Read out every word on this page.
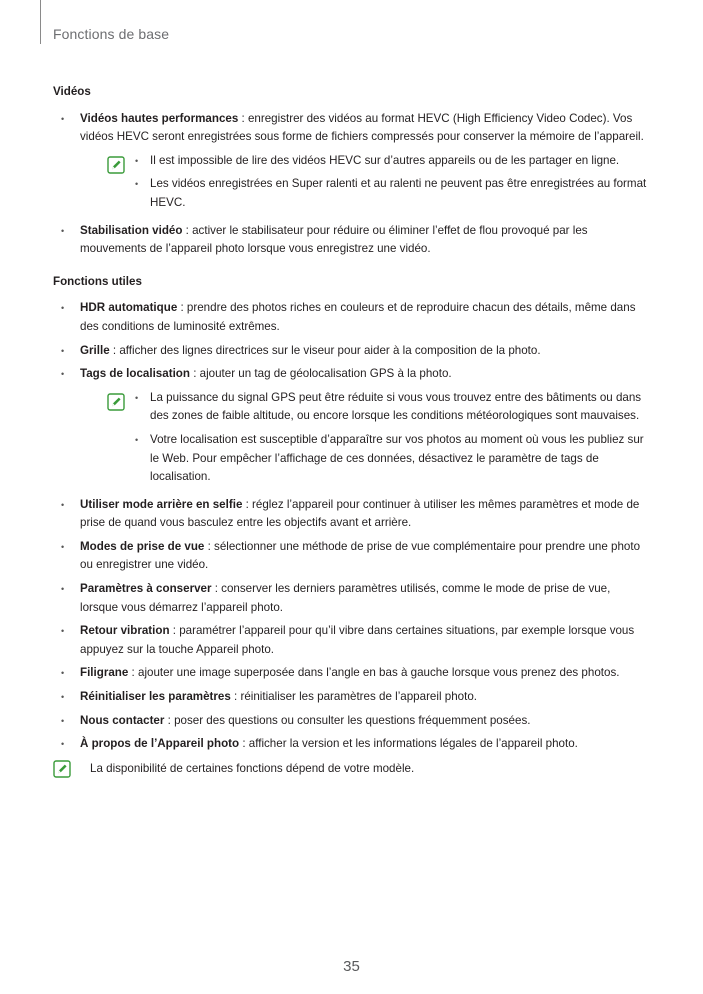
Fonctions de base
Vidéos
• Vidéos hautes performances : enregistrer des vidéos au format HEVC (High Efficiency Video Codec). Vos vidéos HEVC seront enregistrées sous forme de fichiers compressés pour conserver la mémoire de l’appareil.
• Il est impossible de lire des vidéos HEVC sur d’autres appareils ou de les partager en ligne.
• Les vidéos enregistrées en Super ralenti et au ralenti ne peuvent pas être enregistrées au format HEVC.
• Stabilisation vidéo : activer le stabilisateur pour réduire ou éliminer l’effet de flou provoqué par les mouvements de l’appareil photo lorsque vous enregistrez une vidéo.
Fonctions utiles
• HDR automatique : prendre des photos riches en couleurs et de reproduire chacun des détails, même dans des conditions de luminosité extrêmes.
• Grille : afficher des lignes directrices sur le viseur pour aider à la composition de la photo.
• Tags de localisation : ajouter un tag de géolocalisation GPS à la photo.
• La puissance du signal GPS peut être réduite si vous vous trouvez entre des bâtiments ou dans des zones de faible altitude, ou encore lorsque les conditions météorologiques sont mauvaises.
• Votre localisation est susceptible d’apparaître sur vos photos au moment où vous les publiez sur le Web. Pour empêcher l’affichage de ces données, désactivez le paramètre de tags de localisation.
• Utiliser mode arrière en selfie : réglez l’appareil pour continuer à utiliser les mêmes paramètres et mode de prise de quand vous basculez entre les objectifs avant et arrière.
• Modes de prise de vue : sélectionner une méthode de prise de vue complémentaire pour prendre une photo ou enregistrer une vidéo.
• Paramètres à conserver : conserver les derniers paramètres utilisés, comme le mode de prise de vue, lorsque vous démarrez l’appareil photo.
• Retour vibration : paramétrer l’appareil pour qu’il vibre dans certaines situations, par exemple lorsque vous appuyez sur la touche Appareil photo.
• Filigrane : ajouter une image superposée dans l’angle en bas à gauche lorsque vous prenez des photos.
• Réinitialiser les paramètres : réinitialiser les paramètres de l’appareil photo.
• Nous contacter : poser des questions ou consulter les questions fréquemment posées.
• À propos de l’Appareil photo : afficher la version et les informations légales de l’appareil photo.
La disponibilité de certaines fonctions dépend de votre modèle.
35
